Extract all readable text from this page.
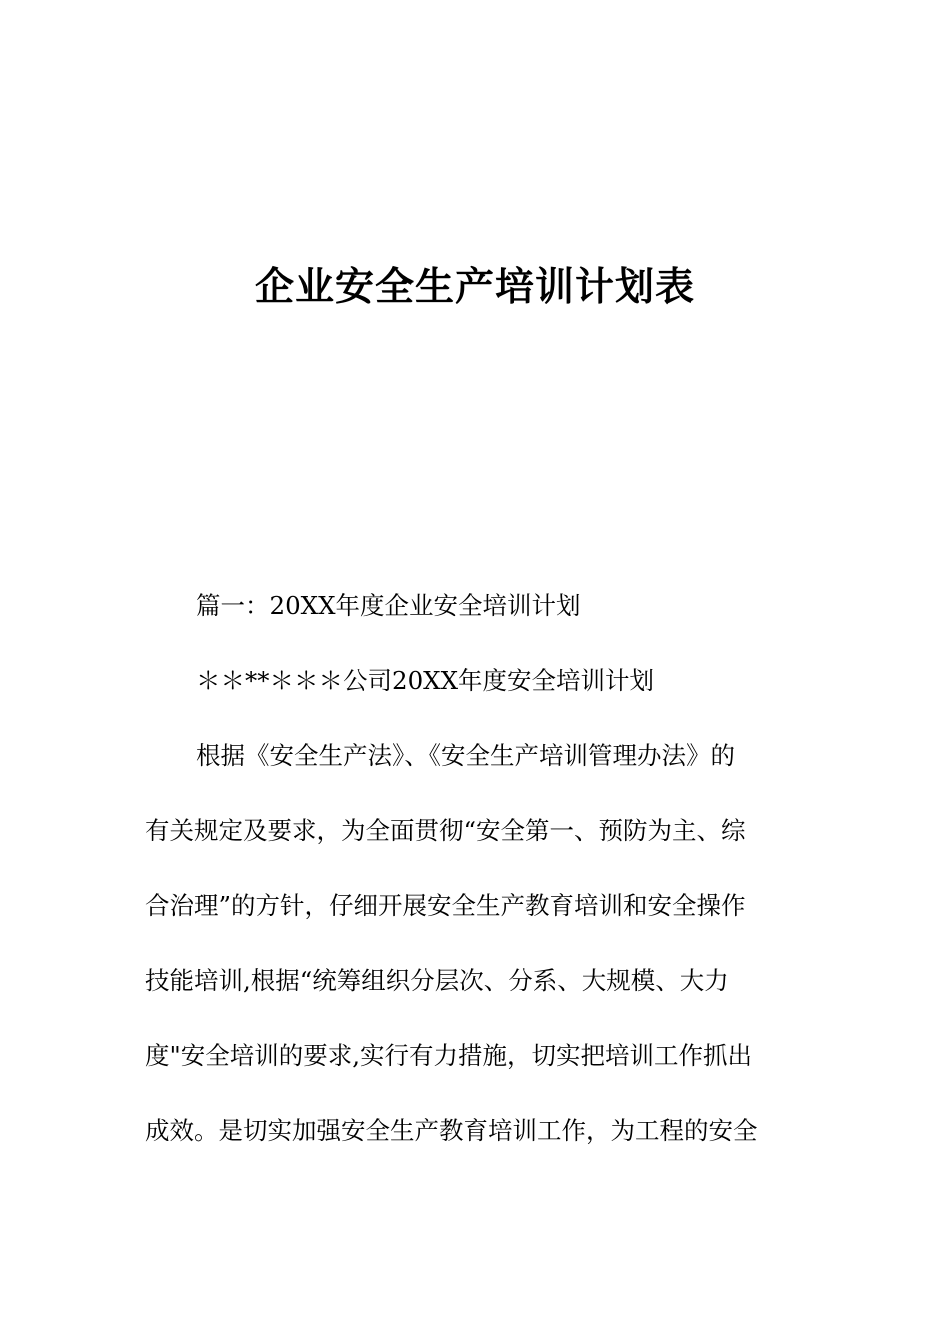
企业安全生产培训计划表

篇一：20XX年度企业安全培训计划

＊＊**＊＊＊公司20XX年度安全培训计划

根据《安全生产法》、《安全生产培训管理办法》的

有关规定及要求，为全面贯彻“安全第一、预防为主、综

合治理”的方针，仔细开展安全生产教育培训和安全操作

技能培训,根据“统筹组织分层次、分系、大规模、大力

度"安全培训的要求,实行有力措施，切实把培训工作抓出

成效。是切实加强安全生产教育培训工作，为工程的安全
